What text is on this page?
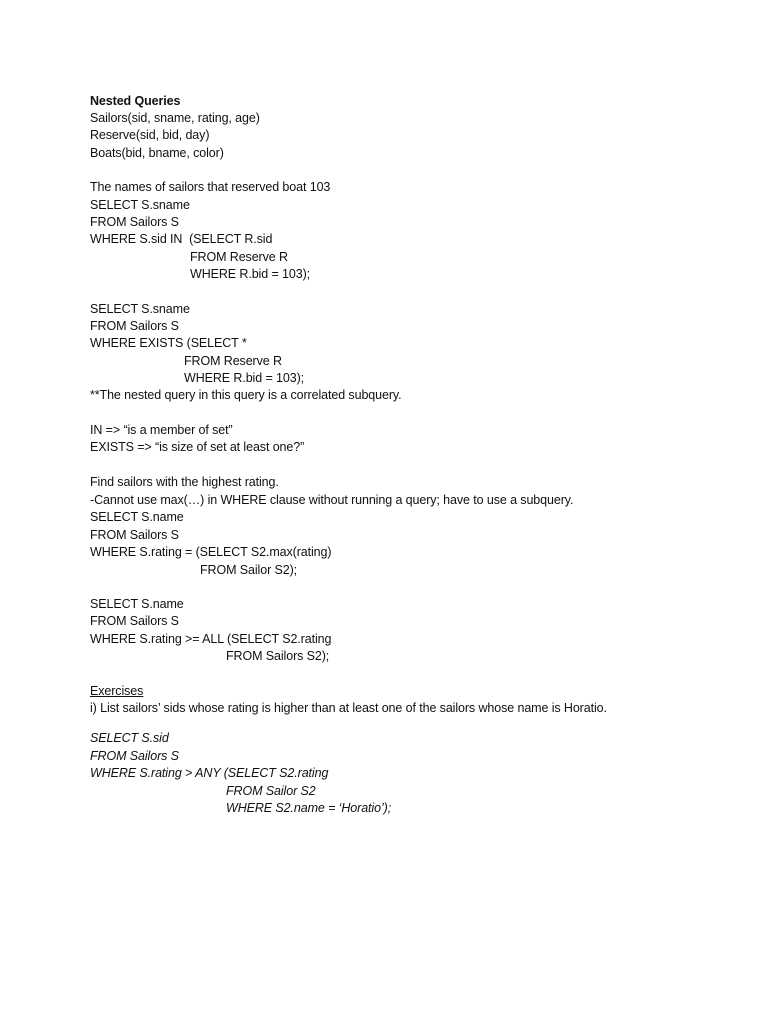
Nested Queries
Sailors(sid, sname, rating, age)
Reserve(sid, bid, day)
Boats(bid, bname, color)
The names of sailors that reserved boat 103
SELECT S.sname
FROM Sailors S
WHERE S.sid IN  (SELECT R.sid
FROM Reserve R
WHERE R.bid = 103);
SELECT S.sname
FROM Sailors S
WHERE EXISTS (SELECT *
FROM Reserve R
WHERE R.bid = 103);
**The nested query in this query is a correlated subquery.
IN => “is a member of set”
EXISTS => “is size of set at least one?”
Find sailors with the highest rating.
-Cannot use max(…) in WHERE clause without running a query; have to use a subquery.
SELECT S.name
FROM Sailors S
WHERE S.rating = (SELECT S2.max(rating)
FROM Sailor S2);
SELECT S.name
FROM Sailors S
WHERE S.rating >= ALL (SELECT S2.rating
FROM Sailors S2);
Exercises
i) List sailors’ sids whose rating is higher than at least one of the sailors whose name is Horatio.
SELECT S.sid
FROM Sailors S
WHERE S.rating > ANY (SELECT S2.rating
FROM Sailor S2
WHERE S2.name = ‘Horatio’);
